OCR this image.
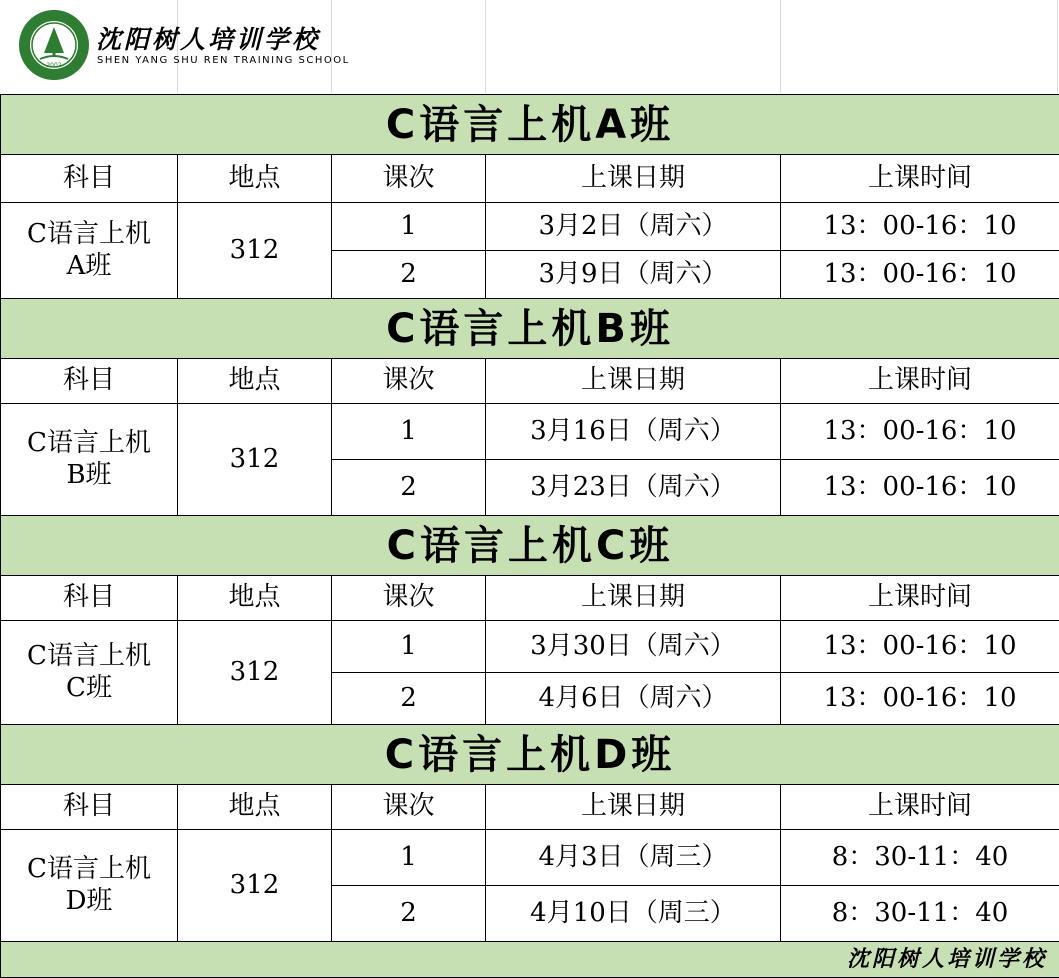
2002
沈阳树人培训学校
SHEN YANG SHU REN TRAINING SCHOOL
C语言上机A班				
科目	地点	课次	上课日期	上课时间

C语言上机A班	312	1	3月2日（周六）	13：00-16：10
		2	3月9日（周六）	13：00-16：10
C语言上机B班				
科目	地点	课次	上课日期	上课时间

C语言上机B班	312	1	3月16日（周六）	13：00-16：10
		2	3月23日（周六）	13：00-16：10
C语言上机C班				
科目	地点	课次	上课日期	上课时间

C语言上机C班	312	1	3月30日（周六）	13：00-16：10
		2	4月6日（周六）	13：00-16：10
C语言上机D班				
科目	地点	课次	上课日期	上课时间

C语言上机D班	312	1	4月3日（周三）	8：30-11：40
		2	4月10日（周三）	8：30-11：40
沈阳树人培训学校				
